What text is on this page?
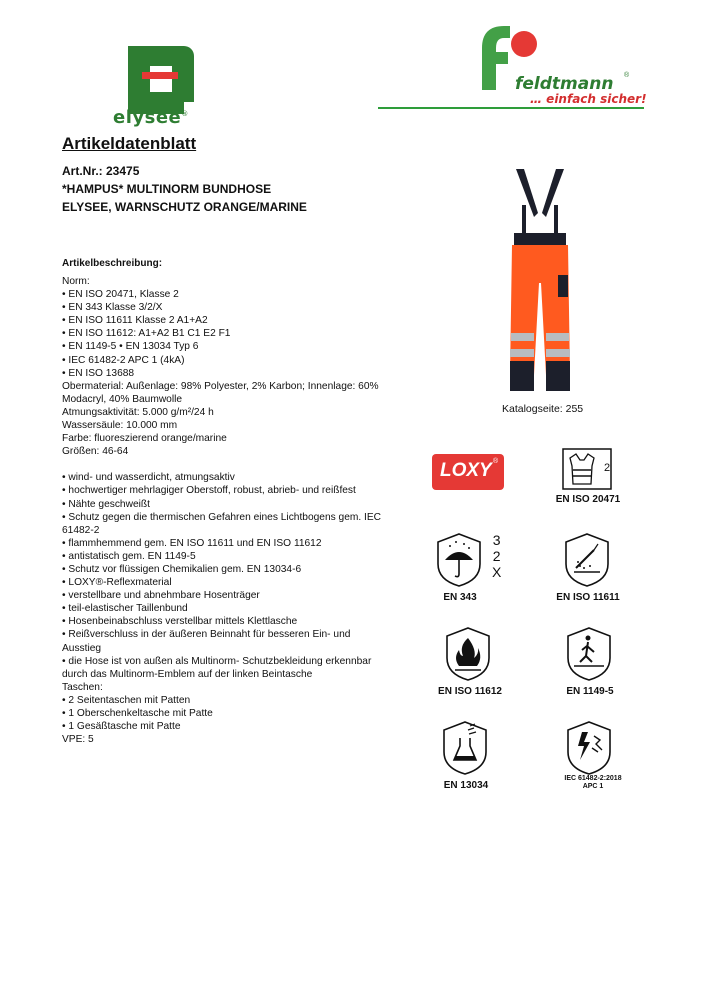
elysee®
feldtmann ®
… einfach sicher!
Artikeldatenblatt
Art.Nr.: 23475
*HAMPUS* MULTINORM BUNDHOSE
ELYSEE, WARNSCHUTZ ORANGE/MARINE
Artikelbeschreibung:
Norm:
• EN ISO 20471, Klasse 2
• EN 343 Klasse 3/2/X
• EN ISO 11611 Klasse 2 A1+A2
• EN ISO 11612: A1+A2 B1 C1 E2 F1
• EN 1149-5 • EN 13034 Typ 6
• IEC 61482-2 APC 1 (4kA)
• EN ISO 13688
Obermaterial: Außenlage: 98% Polyester, 2% Karbon; Innenlage: 60%
Modacryl, 40% Baumwolle
Atmungsaktivität: 5.000 g/m²/24 h
Wassersäule: 10.000 mm
Farbe: fluoreszierend orange/marine
Größen: 46-64
• wind- und wasserdicht, atmungsaktiv
• hochwertiger mehrlagiger Oberstoff, robust, abrieb- und reißfest
• Nähte geschweißt
• Schutz gegen die thermischen Gefahren eines Lichtbogens gem. IEC
61482-2
• flammhemmend gem. EN ISO 11611 und EN ISO 11612
• antistatisch gem. EN 1149-5
• Schutz vor flüssigen Chemikalien gem. EN 13034-6
• LOXY®-Reflexmaterial
• verstellbare und abnehmbare Hosenträger
• teil-elastischer Taillenbund
• Hosenbeinabschluss verstellbar mittels Klettlasche
• Reißverschluss in der äußeren Beinnaht für besseren Ein- und
Ausstieg
• die Hose ist von außen als Multinorm- Schutzbekleidung erkennbar
durch das Multinorm-Emblem auf der linken Beintasche
Taschen:
• 2 Seitentaschen mit Patten
• 1 Oberschenkeltasche mit Patte
• 1 Gesäßtasche mit Patte
VPE: 5
Katalogseite: 255
LOXY ®
2
EN ISO 20471
3
2
X
EN 343	EN ISO 11611
EN ISO 11612	EN 1149-5
EN 13034
IEC 61482-2:2018
APC 1
